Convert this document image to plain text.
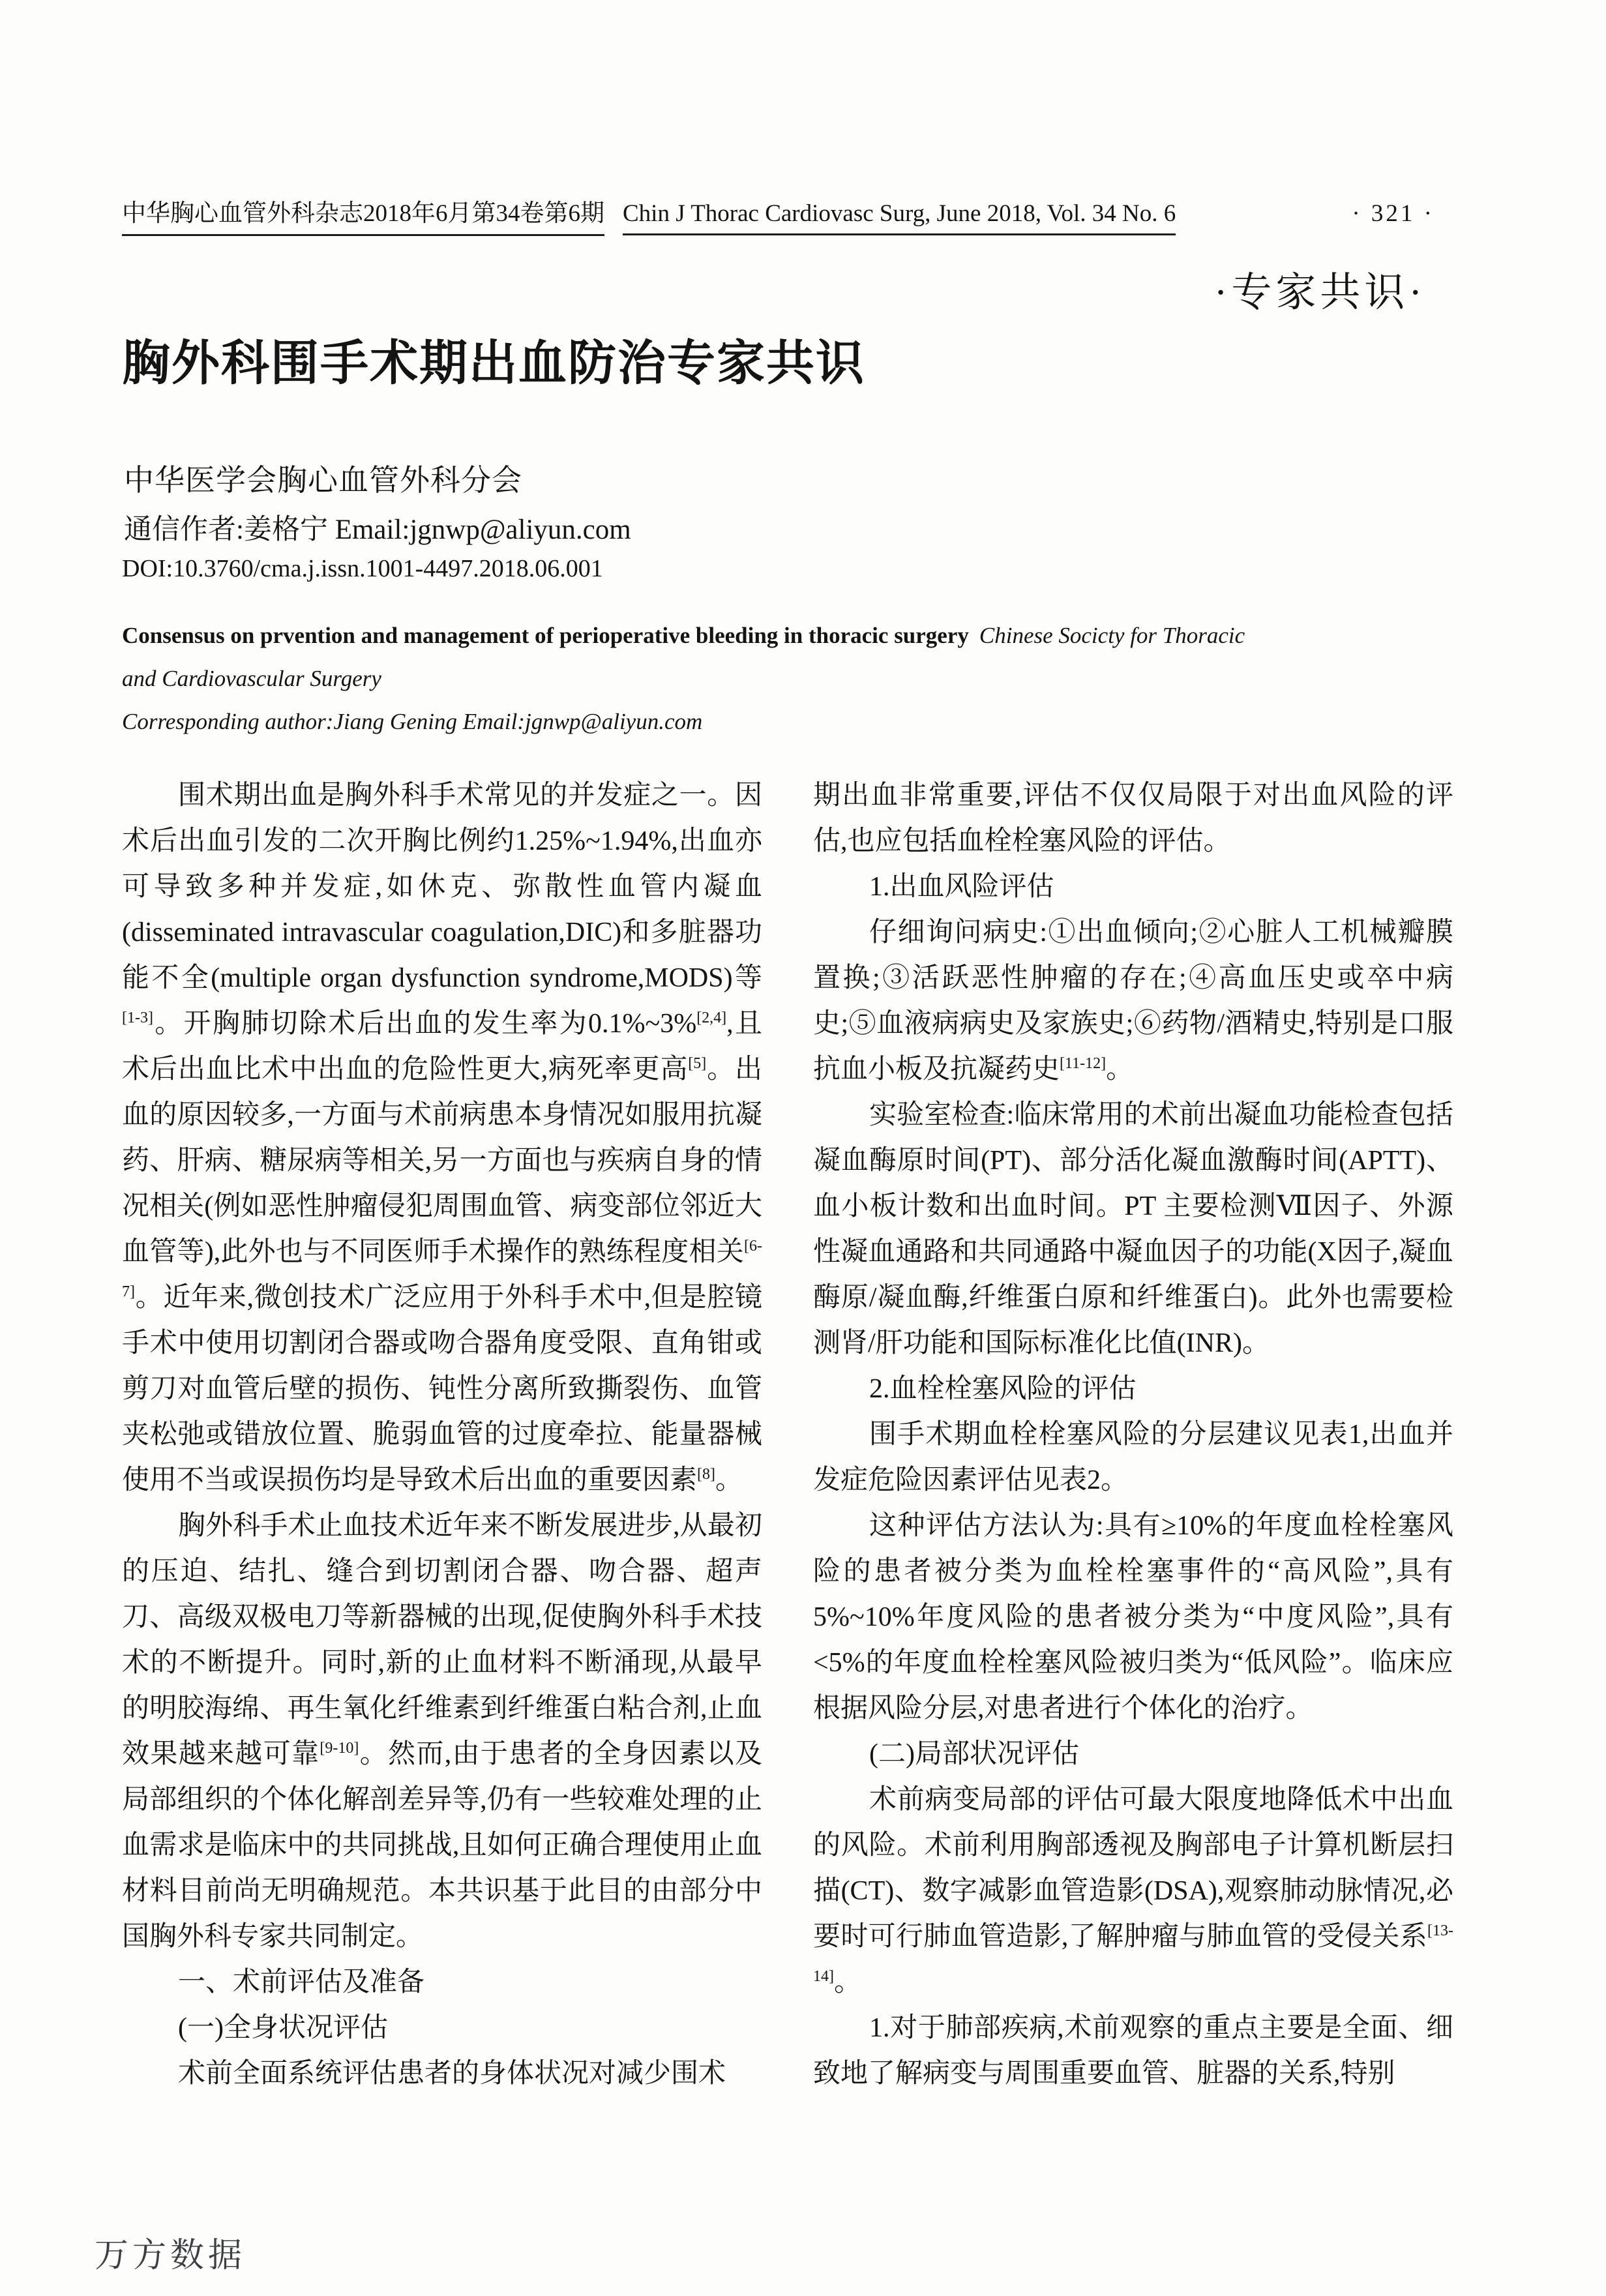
中华胸心血管外科杂志2018年6月第34卷第6期 Chin J Thorac Cardiovasc Surg, June 2018, Vol. 34 No. 6	· 321 ·
·专家共识·
胸外科围手术期出血防治专家共识
中华医学会胸心血管外科分会
通信作者:姜格宁 Email:jgnwp@aliyun.com
DOI:10.3760/cma.j.issn.1001-4497.2018.06.001
Consensus on prvention and management of perioperative bleeding in thoracic surgery Chinese Socicty for Thoracic and Cardiovascular Surgery
Corresponding author:Jiang Gening Email:jgnwp@aliyun.com

围术期出血是胸外科手术常见的并发症之一。因术后出血引发的二次开胸比例约1.25%~1.94%,出血亦可导致多种并发症,如休克、弥散性血管内凝血(disseminated intravascular coagulation,DIC)和多脏器功能不全(multiple organ dysfunction syndrome,MODS)等[1-3]。开胸肺切除术后出血的发生率为0.1%~3%[2,4],且术后出血比术中出血的危险性更大,病死率更高[5]。出血的原因较多,一方面与术前病患本身情况如服用抗凝药、肝病、糖尿病等相关,另一方面也与疾病自身的情况相关(例如恶性肿瘤侵犯周围血管、病变部位邻近大血管等),此外也与不同医师手术操作的熟练程度相关[6-7]。近年来,微创技术广泛应用于外科手术中,但是腔镜手术中使用切割闭合器或吻合器角度受限、直角钳或剪刀对血管后壁的损伤、钝性分离所致撕裂伤、血管夹松弛或错放位置、脆弱血管的过度牵拉、能量器械使用不当或误损伤均是导致术后出血的重要因素[8]。

胸外科手术止血技术近年来不断发展进步,从最初的压迫、结扎、缝合到切割闭合器、吻合器、超声刀、高级双极电刀等新器械的出现,促使胸外科手术技术的不断提升。同时,新的止血材料不断涌现,从最早的明胶海绵、再生氧化纤维素到纤维蛋白粘合剂,止血效果越来越可靠[9-10]。然而,由于患者的全身因素以及局部组织的个体化解剖差异等,仍有一些较难处理的止血需求是临床中的共同挑战,且如何正确合理使用止血材料目前尚无明确规范。本共识基于此目的由部分中国胸外科专家共同制定。

一、术前评估及准备

(一)全身状况评估

术前全面系统评估患者的身体状况对减少围术

期出血非常重要,评估不仅仅局限于对出血风险的评估,也应包括血栓栓塞风险的评估。

1.出血风险评估

仔细询问病史:①出血倾向;②心脏人工机械瓣膜置换;③活跃恶性肿瘤的存在;④高血压史或卒中病史;⑤血液病病史及家族史;⑥药物/酒精史,特别是口服抗血小板及抗凝药史[11-12]。

实验室检查:临床常用的术前出凝血功能检查包括凝血酶原时间(PT)、部分活化凝血激酶时间(APTT)、血小板计数和出血时间。PT 主要检测Ⅶ因子、外源性凝血通路和共同通路中凝血因子的功能(X因子,凝血酶原/凝血酶,纤维蛋白原和纤维蛋白)。此外也需要检测肾/肝功能和国际标准化比值(INR)。

2.血栓栓塞风险的评估

围手术期血栓栓塞风险的分层建议见表1,出血并发症危险因素评估见表2。

这种评估方法认为:具有≥10%的年度血栓栓塞风险的患者被分类为血栓栓塞事件的“高风险”,具有5%~10%年度风险的患者被分类为“中度风险”,具有<5%的年度血栓栓塞风险被归类为“低风险”。临床应根据风险分层,对患者进行个体化的治疗。

(二)局部状况评估

术前病变局部的评估可最大限度地降低术中出血的风险。术前利用胸部透视及胸部电子计算机断层扫描(CT)、数字减影血管造影(DSA),观察肺动脉情况,必要时可行肺血管造影,了解肿瘤与肺血管的受侵关系[13-14]。

1.对于肺部疾病,术前观察的重点主要是全面、细致地了解病变与周围重要血管、脏器的关系,特别

万方数据
